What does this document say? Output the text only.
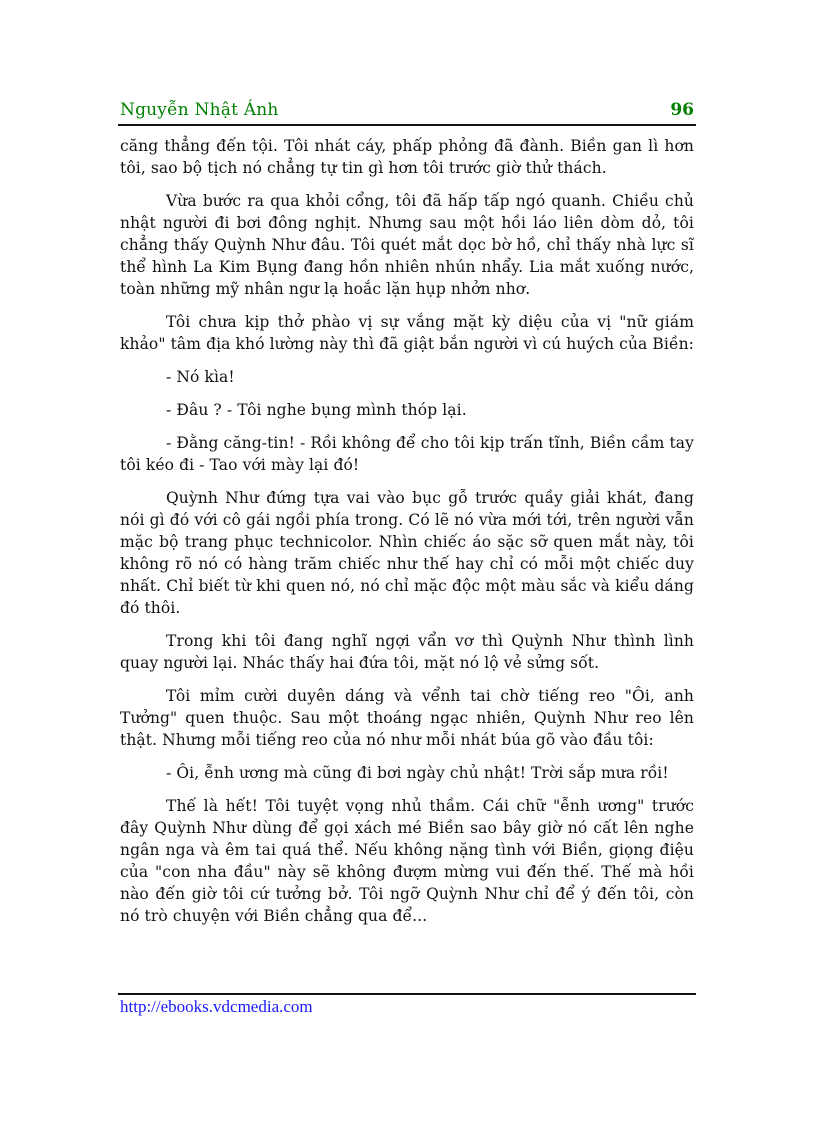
Nguyễn Nhật Ánh	96

căng thẳng đến tội. Tôi nhát cáy, phấp phỏng đã đành. Biền gan lì hơn tôi, sao bộ tịch nó chẳng tự tin gì hơn tôi trước giờ thử thách.

Vừa bước ra qua khỏi cổng, tôi đã hấp tấp ngó quanh. Chiều chủ nhật người đi bơi đông nghịt. Nhưng sau một hồi láo liên dòm dỏ, tôi chẳng thấy Quỳnh Như đâu. Tôi quét mắt dọc bờ hồ, chỉ thấy nhà lực sĩ thể hình La Kim Bụng đang hồn nhiên nhún nhẩy. Lia mắt xuống nước, toàn những mỹ nhân ngư lạ hoắc lặn hụp nhởn nhơ.

Tôi chưa kịp thở phào vị sự vắng mặt kỳ diệu của vị "nữ giám khảo" tâm địa khó lường này thì đã giật bắn người vì cú huých của Biền:

- Nó kìa!

- Đâu ? - Tôi nghe bụng mình thóp lại.

- Đằng căng-tin! - Rồi không để cho tôi kịp trấn tĩnh, Biền cầm tay tôi kéo đi - Tao với mày lại đó!

Quỳnh Như đứng tựa vai vào bục gỗ trước quầy giải khát, đang nói gì đó với cô gái ngồi phía trong. Có lẽ nó vừa mới tới, trên người vẫn mặc bộ trang phục technicolor. Nhìn chiếc áo sặc sỡ quen mắt này, tôi không rõ nó có hàng trăm chiếc như thế hay chỉ có mỗi một chiếc duy nhất. Chỉ biết từ khi quen nó, nó chỉ mặc độc một màu sắc và kiểu dáng đó thôi.

Trong khi tôi đang nghĩ ngợi vẩn vơ thì Quỳnh Như thình lình quay người lại. Nhác thấy hai đứa tôi, mặt nó lộ vẻ sửng sốt.

Tôi mỉm cười duyên dáng và vểnh tai chờ tiếng reo "Ôi, anh Tưởng" quen thuộc. Sau một thoáng ngạc nhiên, Quỳnh Như reo lên thật. Nhưng mỗi tiếng reo của nó như mỗi nhát búa gõ vào đầu tôi:

- Ôi, ễnh ương mà cũng đi bơi ngày chủ nhật! Trời sắp mưa rồi!

Thế là hết! Tôi tuyệt vọng nhủ thầm. Cái chữ "ễnh ương" trước đây Quỳnh Như dùng để gọi xách mé Biền sao bây giờ nó cất lên nghe ngân nga và êm tai quá thể. Nếu không nặng tình với Biền, giọng điệu của "con nha đầu" này sẽ không đượm mừng vui đến thế. Thế mà hồi nào đến giờ tôi cứ tưởng bở. Tôi ngỡ Quỳnh Như chỉ để ý đến tôi, còn nó trò chuyện với Biền chẳng qua để...

http://ebooks.vdcmedia.com
